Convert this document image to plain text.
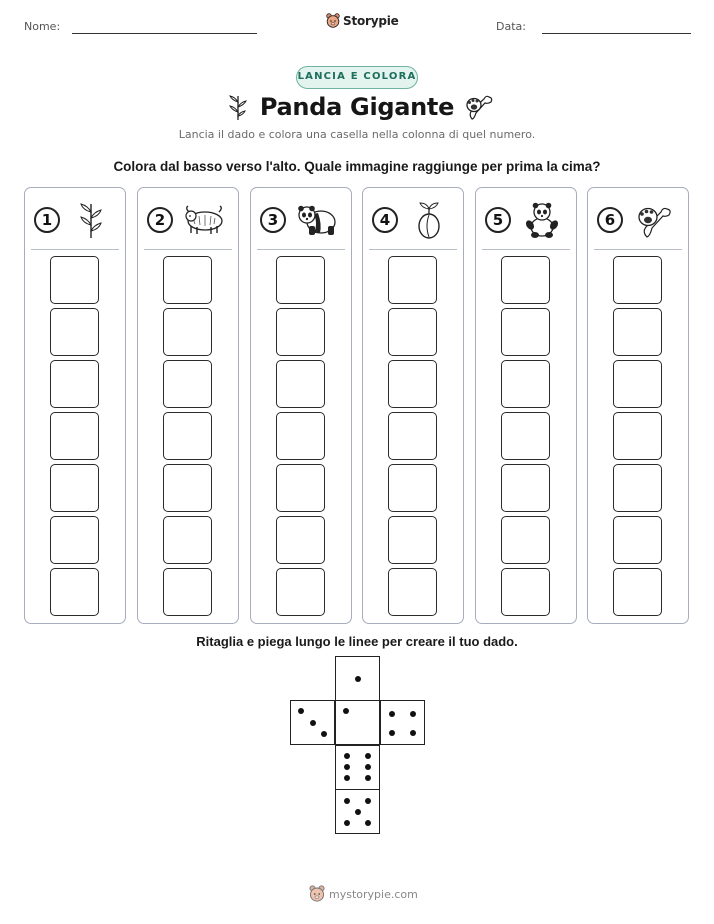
Nome:	Storypie	Data:
LANCIA E COLORA
Panda Gigante
Lancia il dado e colora una casella nella colonna di quel numero.
Colora dal basso verso l'alto. Quale immagine raggiunge per prima la cima?
1	2	3	4	5	6
Ritaglia e piega lungo le linee per creare il tuo dado.
mystorypie.com
